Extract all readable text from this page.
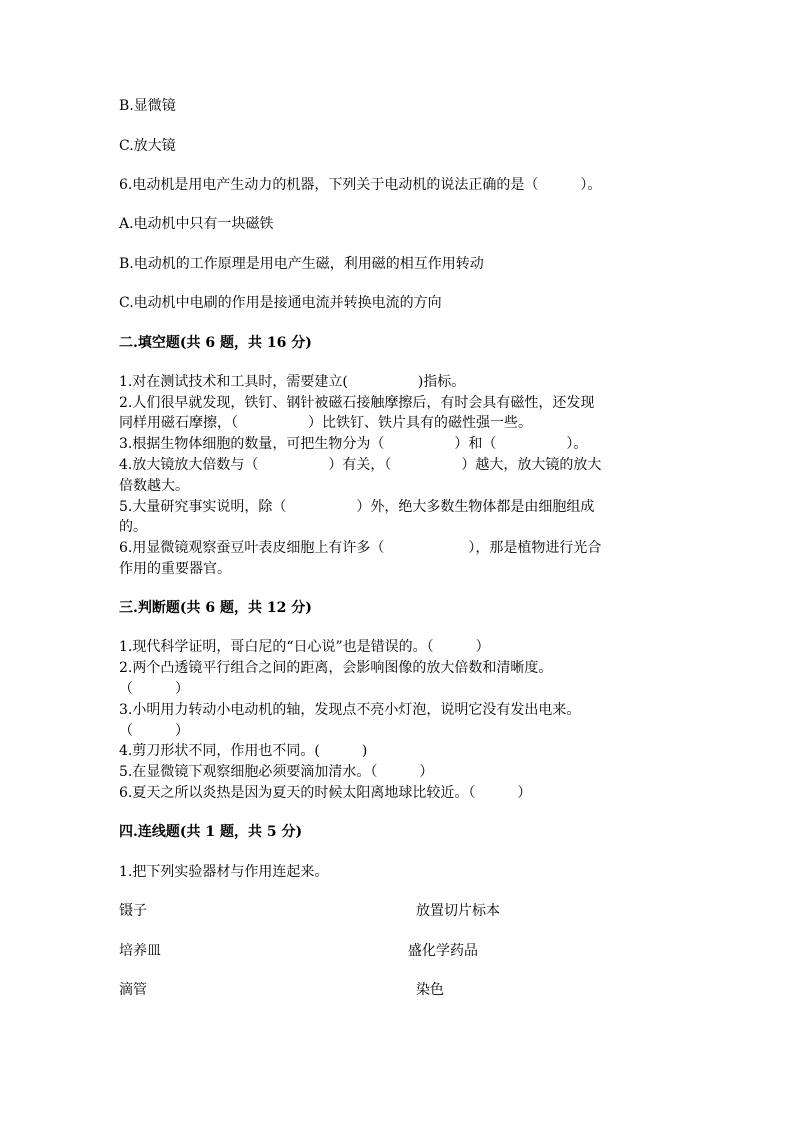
B.显微镜
C.放大镜
6.电动机是用电产生动力的机器，下列关于电动机的说法正确的是（　　　）。
A.电动机中只有一块磁铁
B.电动机的工作原理是用电产生磁，利用磁的相互作用转动
C.电动机中电刷的作用是接通电流并转换电流的方向
二.填空题(共 6 题，共 16 分)
1.对在测试技术和工具时，需要建立(　　　　　)指标。
2.人们很早就发现，铁钉、钢针被磁石接触摩擦后，有时会具有磁性，还发现
同样用磁石摩擦，（　　　　　）比铁钉、铁片具有的磁性强一些。
3.根据生物体细胞的数量，可把生物分为（　　　　　）和（　　　　　）。
4.放大镜放大倍数与（　　　　　）有关，（　　　　　）越大，放大镜的放大
倍数越大。
5.大量研究事实说明，除（　　　　　）外，绝大多数生物体都是由细胞组成
的。
6.用显微镜观察蚕豆叶表皮细胞上有许多（　　　　　　），那是植物进行光合
作用的重要器官。
三.判断题(共 6 题，共 12 分)
1.现代科学证明，哥白尼的“日心说”也是错误的。（　　　）
2.两个凸透镜平行组合之间的距离，会影响图像的放大倍数和清晰度。
（　　　）
3.小明用力转动小电动机的轴，发现点不亮小灯泡，说明它没有发出电来。
（　　　）
4.剪刀形状不同，作用也不同。(　　　)
5.在显微镜下观察细胞必须要滴加清水。（　　　）
6.夏天之所以炎热是因为夏天的时候太阳离地球比较近。（　　　）
四.连线题(共 1 题，共 5 分)
1.把下列实验器材与作用连起来。
镊子
培养皿
滴管
放置切片标本
盛化学药品
染色
